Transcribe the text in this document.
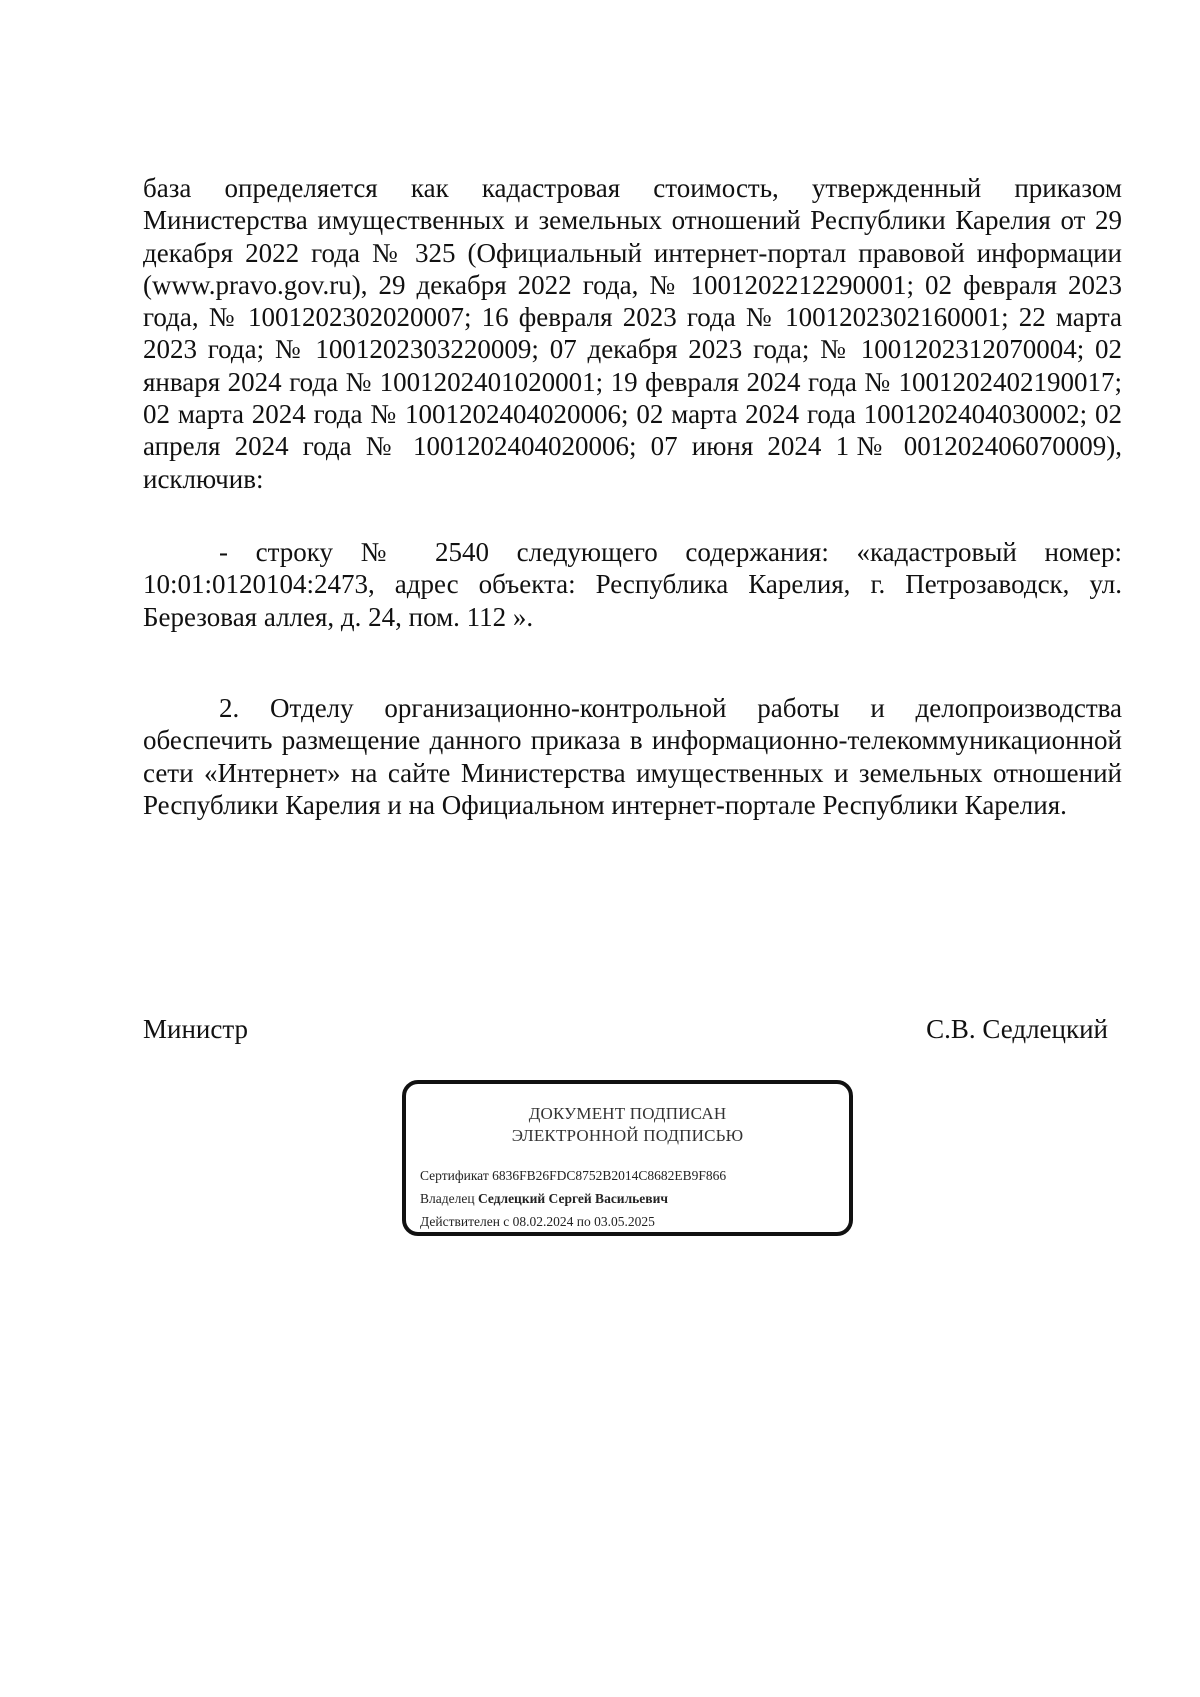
база определяется как кадастровая стоимость, утвержденный приказом Министерства имущественных и земельных отношений Республики Карелия от 29 декабря 2022 года № 325 (Официальный интернет-портал правовой информации (www.pravo.gov.ru), 29 декабря 2022 года, № 1001202212290001; 02 февраля 2023 года, № 1001202302020007; 16 февраля 2023 года № 1001202302160001; 22 марта 2023 года; № 1001202303220009; 07 декабря 2023 года; № 1001202312070004; 02 января 2024 года № 1001202401020001; 19 февраля 2024 года № 1001202402190017; 02 марта 2024 года № 1001202404020006; 02 марта 2024 года 1001202404030002; 02 апреля 2024 года № 1001202404020006; 07 июня 2024 1№ 001202406070009), исключив:

- строку № 2540 следующего содержания: «кадастровый номер: 10:01:0120104:2473, адрес объекта: Республика Карелия, г. Петрозаводск, ул. Березовая аллея, д. 24, пом. 112 ».

2. Отделу организационно-контрольной работы и делопроизводства обеспечить размещение данного приказа в информационно-телекоммуникационной сети «Интернет» на сайте Министерства имущественных и земельных отношений Республики Карелия и на Официальном интернет-портале Республики Карелия.

Министр	С.В. Седлецкий
ДОКУМЕНТ ПОДПИСАН
ЭЛЕКТРОННОЙ ПОДПИСЬЮ
Сертификат 6836FB26FDC8752B2014C8682EB9F866
Владелец Седлецкий Сергей Васильевич
Действителен с 08.02.2024 по 03.05.2025
